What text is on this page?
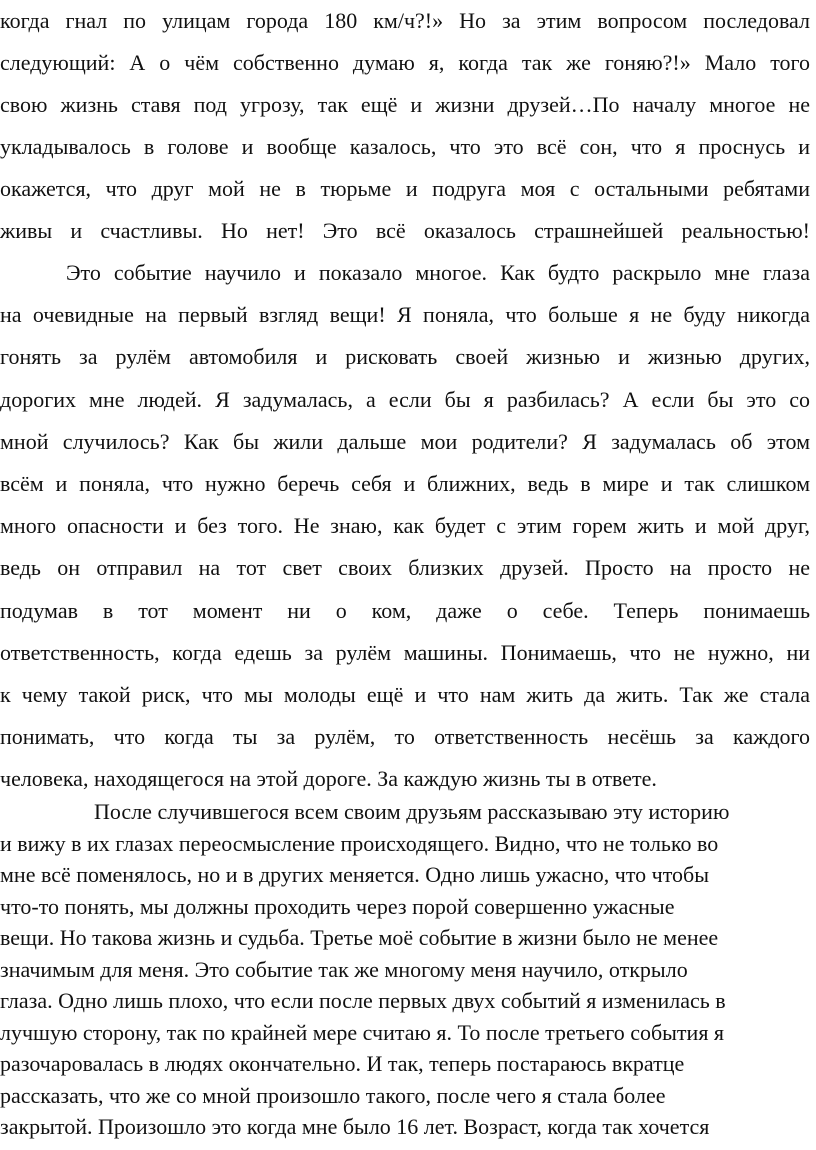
когда гнал по улицам города 180 км/ч?!» Но за этим вопросом последовал
следующий: А о чём собственно думаю я, когда так же гоняю?!» Мало того
свою жизнь ставя под угрозу, так ещё и жизни друзей…По началу многое не
укладывалось в голове и вообще казалось, что это всё сон, что я проснусь и
окажется, что друг мой не в тюрьме и подруга моя с остальными ребятами
живы и счастливы. Но нет! Это всё оказалось страшнейшей реальностью!
Это событие научило и показало многое. Как будто раскрыло мне глаза
на очевидные на первый взгляд вещи! Я поняла, что больше я не буду никогда
гонять за рулём автомобиля и рисковать своей жизнью и жизнью других,
дорогих мне людей. Я задумалась, а если бы я разбилась? А если бы это со
мной случилось? Как бы жили дальше мои родители? Я задумалась об этом
всём и поняла, что нужно беречь себя и ближних, ведь в мире и так слишком
много опасности и без того. Не знаю, как будет с этим горем жить и мой друг,
ведь он отправил на тот свет своих близких друзей. Просто на просто не
подумав в тот момент ни о ком, даже о себе. Теперь понимаешь
ответственность, когда едешь за рулём машины. Понимаешь, что не нужно, ни
к чему такой риск, что мы молоды ещё и что нам жить да жить. Так же стала
понимать, что когда ты за рулём, то ответственность несёшь за каждого
человека, находящегося на этой дороге. За каждую жизнь ты в ответе.
После случившегося всем своим друзьям рассказываю эту историю
и вижу в их глазах переосмысление происходящего. Видно, что не только во
мне всё поменялось, но и в других меняется. Одно лишь ужасно, что чтобы
что-то понять, мы должны проходить через порой совершенно ужасные
вещи. Но такова жизнь и судьба. Третье моё событие в жизни было не менее
значимым для меня. Это событие так же многому меня научило, открыло
глаза. Одно лишь плохо, что если после первых двух событий я изменилась в
лучшую сторону, так по крайней мере считаю я. То после третьего события я
разочаровалась в людях окончательно. И так, теперь постараюсь вкратце
рассказать, что же со мной произошло такого, после чего я стала более
закрытой. Произошло это когда мне было 16 лет. Возраст, когда так хочется
